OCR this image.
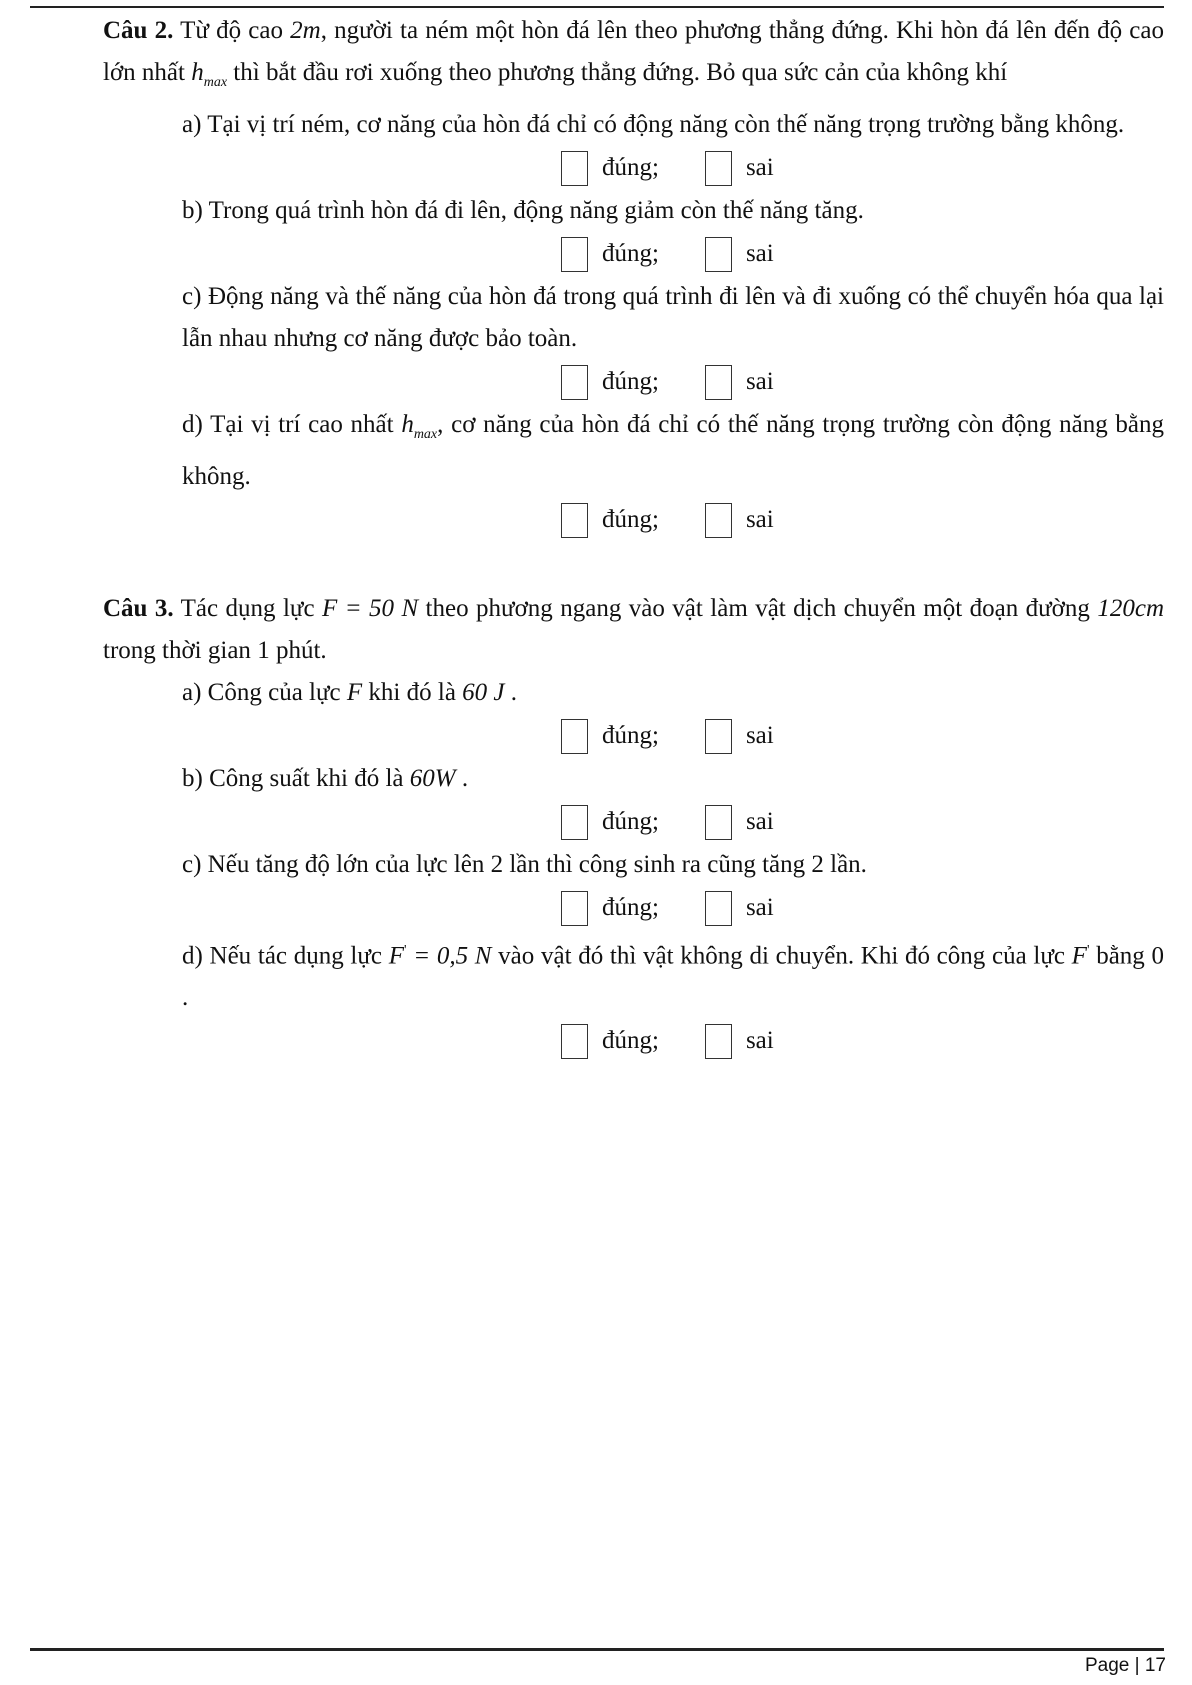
Câu 2. Từ độ cao 2m, người ta ném một hòn đá lên theo phương thẳng đứng. Khi hòn đá lên đến độ cao lớn nhất $h_{max}$ thì bắt đầu rơi xuống theo phương thẳng đứng. Bỏ qua sức cản của không khí

a) Tại vị trí ném, cơ năng của hòn đá chỉ có động năng còn thế năng trọng trường bằng không.
đúng;	sai
b) Trong quá trình hòn đá đi lên, động năng giảm còn thế năng tăng.
đúng;	sai
c) Động năng và thế năng của hòn đá trong quá trình đi lên và đi xuống có thể chuyển hóa qua lại lẫn nhau nhưng cơ năng được bảo toàn.
đúng;	sai
d) Tại vị trí cao nhất $h_{max}$, cơ năng của hòn đá chỉ có thế năng trọng trường còn động năng bằng không.
đúng;	sai

Câu 3. Tác dụng lực F = 50 N theo phương ngang vào vật làm vật dịch chuyển một đoạn đường 120cm trong thời gian 1 phút.

a) Công của lực F khi đó là 60 J .
đúng;	sai
b) Công suất khi đó là 60W .
đúng;	sai
c) Nếu tăng độ lớn của lực lên 2 lần thì công sinh ra cũng tăng 2 lần.
đúng;	sai
d) Nếu tác dụng lực F' = 0,5 N vào vật đó thì vật không di chuyển. Khi đó công của lực F' bằng 0 .
đúng;	sai
Page | 17
